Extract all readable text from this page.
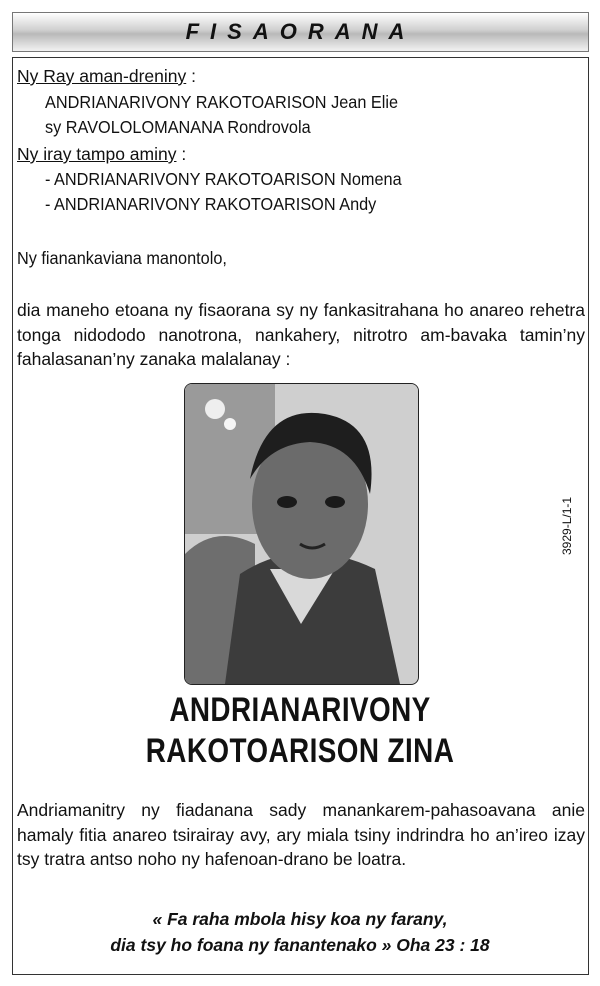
FISAORANA
Ny Ray aman-dreniny :
ANDRIANARIVONY RAKOTOARISON Jean Elie
sy RAVOLOLOMANANA Rondrovola
Ny iray tampo aminy :
- ANDRIANARIVONY RAKOTOARISON Nomena
- ANDRIANARIVONY RAKOTOARISON Andy
Ny fianankaviana manontolo,
dia maneho etoana ny fisaorana sy ny fankasitrahana ho anareo rehetra tonga nidododo nanotrona, nankahery, nitrotro am-bavaka tamin’ny fahalasanan’ny zanaka malalanay :
ANDRIANARIVONY
RAKOTOARISON ZINA
Andriamanitry ny fiadanana sady manankarem-pahasoavana anie hamaly fitia anareo tsirairay avy, ary miala tsiny indrindra ho an’ireo izay tsy tratra antso noho ny hafenoan-drano be loatra.
« Fa raha mbola hisy koa ny farany,
dia tsy ho foana ny fanantenako » Oha 23 : 18
3929-L/1-1
